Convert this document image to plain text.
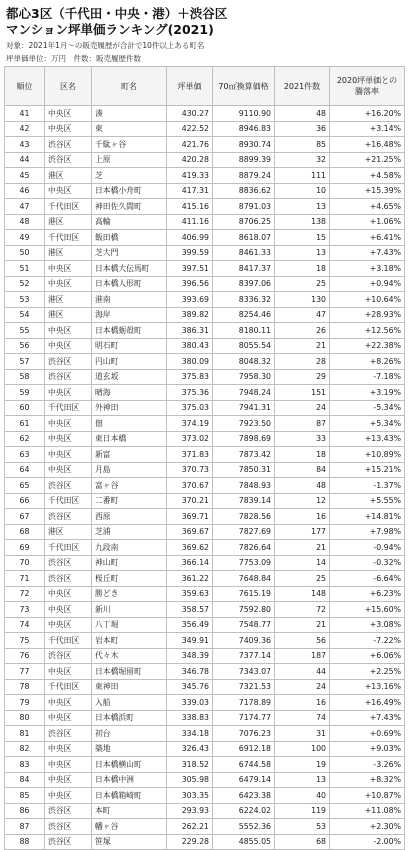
都心3区（千代田・中央・港）＋渋谷区
マンション坪単価ランキング(2021)
対象：2021年1月～の販売履歴が合計で10件以上ある町名
坪単価単位：万円　件数：販売履歴件数
順位	区名	町名	坪単価	70㎡換算価格	2021件数	2020坪単価との
騰落率

41	中央区	湊	430.27	9110.90	48	+16.20%
42	中央区	東	422.52	8946.83	36	+3.14%
43	渋谷区	千駄ヶ谷	421.76	8930.74	85	+16.48%
44	渋谷区	上原	420.28	8899.39	32	+21.25%
45	港区	芝	419.33	8879.24	111	+4.58%
46	中央区	日本橋小舟町	417.31	8836.62	10	+15.39%
47	千代田区	神田佐久間町	415.16	8791.03	13	+4.65%
48	港区	高輪	411.16	8706.25	138	+1.06%
49	千代田区	飯田橋	406.99	8618.07	15	+6.41%
50	港区	芝大門	399.59	8461.33	13	+7.43%
51	中央区	日本橋大伝馬町	397.51	8417.37	18	+3.18%
52	中央区	日本橋人形町	396.56	8397.06	25	+0.94%
53	港区	港南	393.69	8336.32	130	+10.64%
54	港区	海岸	389.82	8254.46	47	+28.93%
55	中央区	日本橋蛎殻町	386.31	8180.11	26	+12.56%
56	中央区	明石町	380.43	8055.54	21	+22.38%
57	渋谷区	円山町	380.09	8048.32	28	+8.26%
58	渋谷区	道玄坂	375.83	7958.30	29	-7.18%
59	中央区	晴海	375.36	7948.24	151	+3.19%
60	千代田区	外神田	375.03	7941.31	24	-5.34%
61	中央区	佃	374.19	7923.50	87	+5.34%
62	中央区	東日本橋	373.02	7898.69	33	+13.43%
63	中央区	新富	371.83	7873.42	18	+10.89%
64	中央区	月島	370.73	7850.31	84	+15.21%
65	渋谷区	富ヶ谷	370.67	7848.93	48	-1.37%
66	千代田区	二番町	370.21	7839.14	12	+5.55%
67	渋谷区	西原	369.71	7828.56	16	+14.81%
68	港区	芝浦	369.67	7827.69	177	+7.98%
69	千代田区	九段南	369.62	7826.64	21	-0.94%
70	渋谷区	神山町	366.14	7753.09	14	-0.32%
71	渋谷区	桜丘町	361.22	7648.84	25	-6.64%
72	中央区	勝どき	359.63	7615.19	148	+6.23%
73	中央区	新川	358.57	7592.80	72	+15.60%
74	中央区	八丁堀	356.49	7548.77	21	+3.08%
75	千代田区	岩本町	349.91	7409.36	56	-7.22%
76	渋谷区	代々木	348.39	7377.14	187	+6.06%
77	中央区	日本橋堀留町	346.78	7343.07	44	+2.25%
78	千代田区	東神田	345.76	7321.53	24	+13.16%
79	中央区	入船	339.03	7178.89	16	+16.49%
80	中央区	日本橋浜町	338.83	7174.77	74	+7.43%
81	渋谷区	初台	334.18	7076.23	31	+0.69%
82	中央区	築地	326.43	6912.18	100	+9.03%
83	中央区	日本橋横山町	318.52	6744.58	19	-3.26%
84	中央区	日本橋中洲	305.98	6479.14	13	+8.32%
85	中央区	日本橋箱崎町	303.35	6423.38	40	+10.87%
86	渋谷区	本町	293.93	6224.02	119	+11.08%
87	渋谷区	幡ヶ谷	262.21	5552.36	53	+2.30%
88	渋谷区	笹塚	229.28	4855.05	68	-2.00%
